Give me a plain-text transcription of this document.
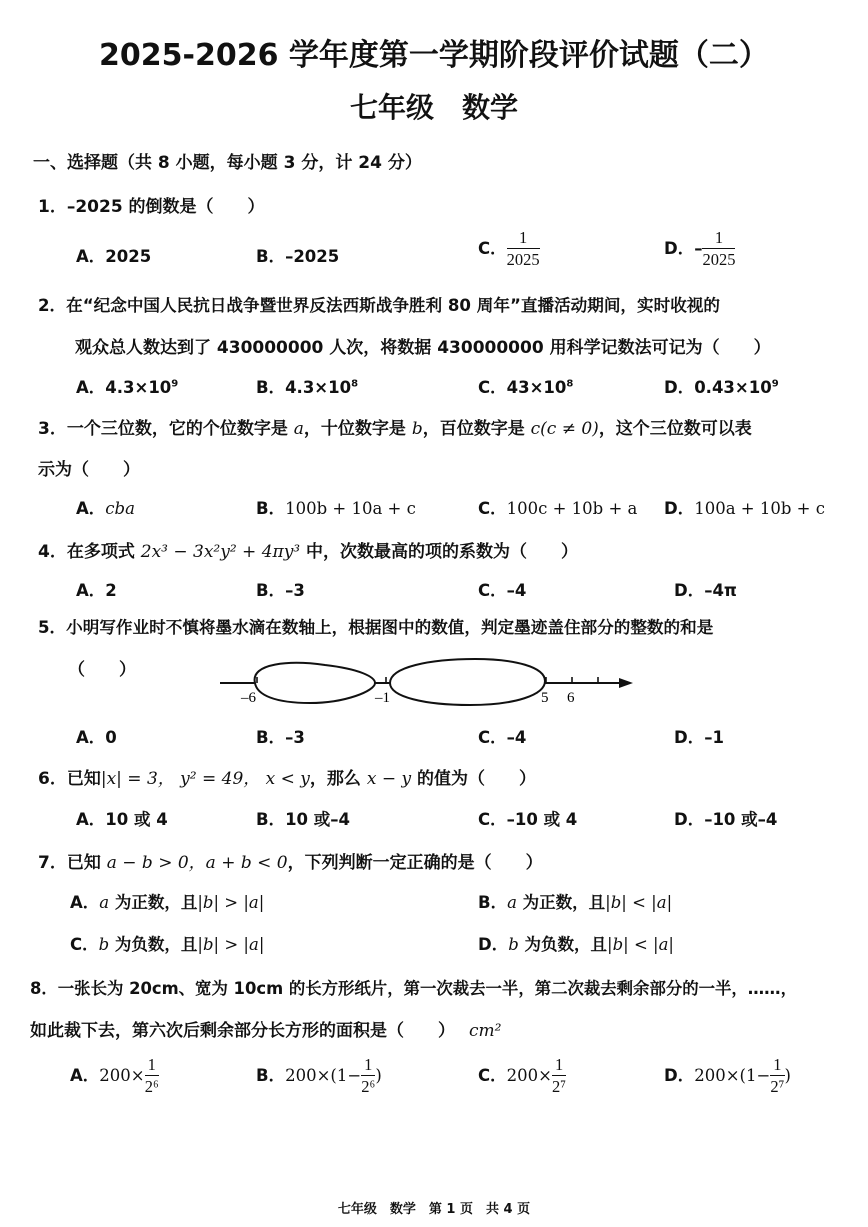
2025-2026 学年度第一学期阶段评价试题（二）
七年级　数学
一、选择题（共 8 小题，每小题 3 分，计 24 分）
1．–2025 的倒数是（　　）
A．2025	B．–2025	C． $\frac{1}{2025}$	D．– $\frac{1}{2025}$
2．在“纪念中国人民抗日战争暨世界反法西斯战争胜利 80 周年”直播活动期间，实时收视的
观众总人数达到了 430000000 人次，将数据 430000000 用科学记数法可记为（　　）
A．$4.3\times 10^9$	B．$4.3\times 10^8$	C．$43\times 10^8$	D．$0.43\times 10^9$
3．一个三位数，它的个位数字是 a，十位数字是 b，百位数字是 c(c ≠ 0)，这个三位数可以表
示为（　　）
A．cba	B．100b + 10a + c	C．100c + 10b + a D．100a + 10b + c
4．在多项式 2x³ − 3x²y² + 4πy³ 中，次数最高的项的系数为（　　）
A．2	B．–3	C．–4	D．–4π
5．小明写作业时不慎将墨水滴在数轴上，根据图中的数值，判定墨迹盖住部分的整数的和是
（　　）
–6	–1	5 6
A．0	B．–3	C．–4	D．–1
6．已知|x| = 3， y² = 49， x < y，那么 x − y 的值为（　　）
A．10 或 4	B．10 或–4	C．–10 或 4	D．–10 或–4
7．已知 a − b > 0，a + b < 0，下列判断一定正确的是（　　）
A．a 为正数，且|b| > |a|	B．a 为正数，且|b| < |a|
C．b 为负数，且|b| > |a|	D．b 为负数，且|b| < |a|
8．一张长为 20cm、宽为 10cm 的长方形纸片，第一次裁去一半，第二次裁去剩余部分的一半，……，
如此裁下去，第六次后剩余部分长方形的面积是（　　） cm²
A．$200\times \frac{1}{\text{2⁶}}$	B．$200\times(1- \frac{1}{\text{2⁶}}$ )	C．$200\times \frac{1}{\text{2⁷}}$	D．$200\times(1- \frac{1}{\text{2⁷}}$ )
七年级　数学　第 1 页　共 4 页
